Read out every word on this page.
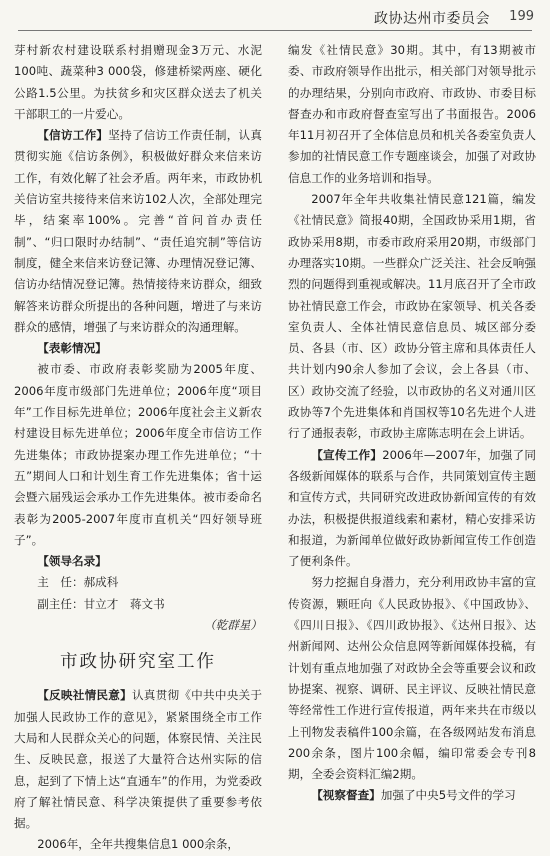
政协达州市委员会 199

芽村新农村建设联系村捐赠现金3万元、水泥100吨、蔬菜种3 000袋，修建桥梁两座、硬化公路1.5公里。为扶贫乡和灾区群众送去了机关干部职工的一片爱心。

【信访工作】坚持了信访工作责任制，认真贯彻实施《信访条例》，积极做好群众来信来访工作，有效化解了社会矛盾。两年来，市政协机关信访室共接待来信来访102人次，全部处理完毕，结案率100%。完善“首问首办责任制”、“归口限时办结制”、“责任追究制”等信访制度，健全来信来访登记簿、办理情况登记簿、信访办结情况登记簿。热情接待来访群众，细致解答来访群众所提出的各种问题，增进了与来访群众的感情，增强了与来访群众的沟通理解。

【表彰情况】

被市委、市政府表彰奖励为2005年度、2006年度市级部门先进单位；2006年度“项目年”工作目标先进单位；2006年度社会主义新农村建设目标先进单位；2006年度全市信访工作先进集体；市政协提案办理工作先进单位；“十五”期间人口和计划生育工作先进集体；省十运会暨六届残运会承办工作先进集体。被市委命名表彰为2005-2007年度市直机关“四好领导班子”。

【领导名录】

主　任：郝成科
副主任：甘立才　蒋文书
（乾群星）
市政协研究室工作

【反映社情民意】认真贯彻《中共中央关于加强人民政协工作的意见》，紧紧围绕全市工作大局和人民群众关心的问题，体察民情、关注民生、反映民意，报送了大量符合达州实际的信息，起到了下情上达“直通车”的作用，为党委政府了解社情民意、科学决策提供了重要参考依据。

2006年，全年共搜集信息1 000余条，

编发《社情民意》30期。其中，有13期被市委、市政府领导作出批示，相关部门对领导批示的办理结果，分别向市政府、市政协、市委目标督查办和市政府督查室写出了书面报告。2006年11月初召开了全体信息员和机关各委室负责人参加的社情民意工作专题座谈会，加强了对政协信息工作的业务培训和指导。

2007年全年共收集社情民意121篇，编发《社情民意》简报40期，全国政协采用1期，省政协采用8期，市委市政府采用20期，市级部门办理落实10期。一些群众广泛关注、社会反响强烈的问题得到重视或解决。11月底召开了全市政协社情民意工作会，市政协在家领导、机关各委室负责人、全体社情民意信息员、城区部分委员、各县（市、区）政协分管主席和具体责任人共计划内90余人参加了会议，会上各县（市、区）政协交流了经验，以市政协的名义对通川区政协等7个先进集体和肖国权等10名先进个人进行了通报表彰，市政协主席陈志明在会上讲话。

【宣传工作】2006年—2007年，加强了同各级新闻媒体的联系与合作，共同策划宣传主题和宣传方式，共同研究改进政协新闻宣传的有效办法，积极提供报道线索和素材，精心安排采访和报道，为新闻单位做好政协新闻宣传工作创造了便利条件。

努力挖掘自身潜力，充分利用政协丰富的宣传资源，颗旺向《人民政协报》、《中国政协》、《四川日报》、《四川政协报》、《达州日报》、达州新闻网、达州公众信息网等新闻媒体投稿，有计划有重点地加强了对政协全会等重要会议和政协提案、视察、调研、民主评议、反映社情民意等经常性工作进行宣传报道，两年来共在市级以上刊物发表稿件100余篇，在各级网站发布消息200余条，图片100余幅，编印常委会专刊8期，全委会资料汇编2期。

【视察督查】加强了中央5号文件的学习
